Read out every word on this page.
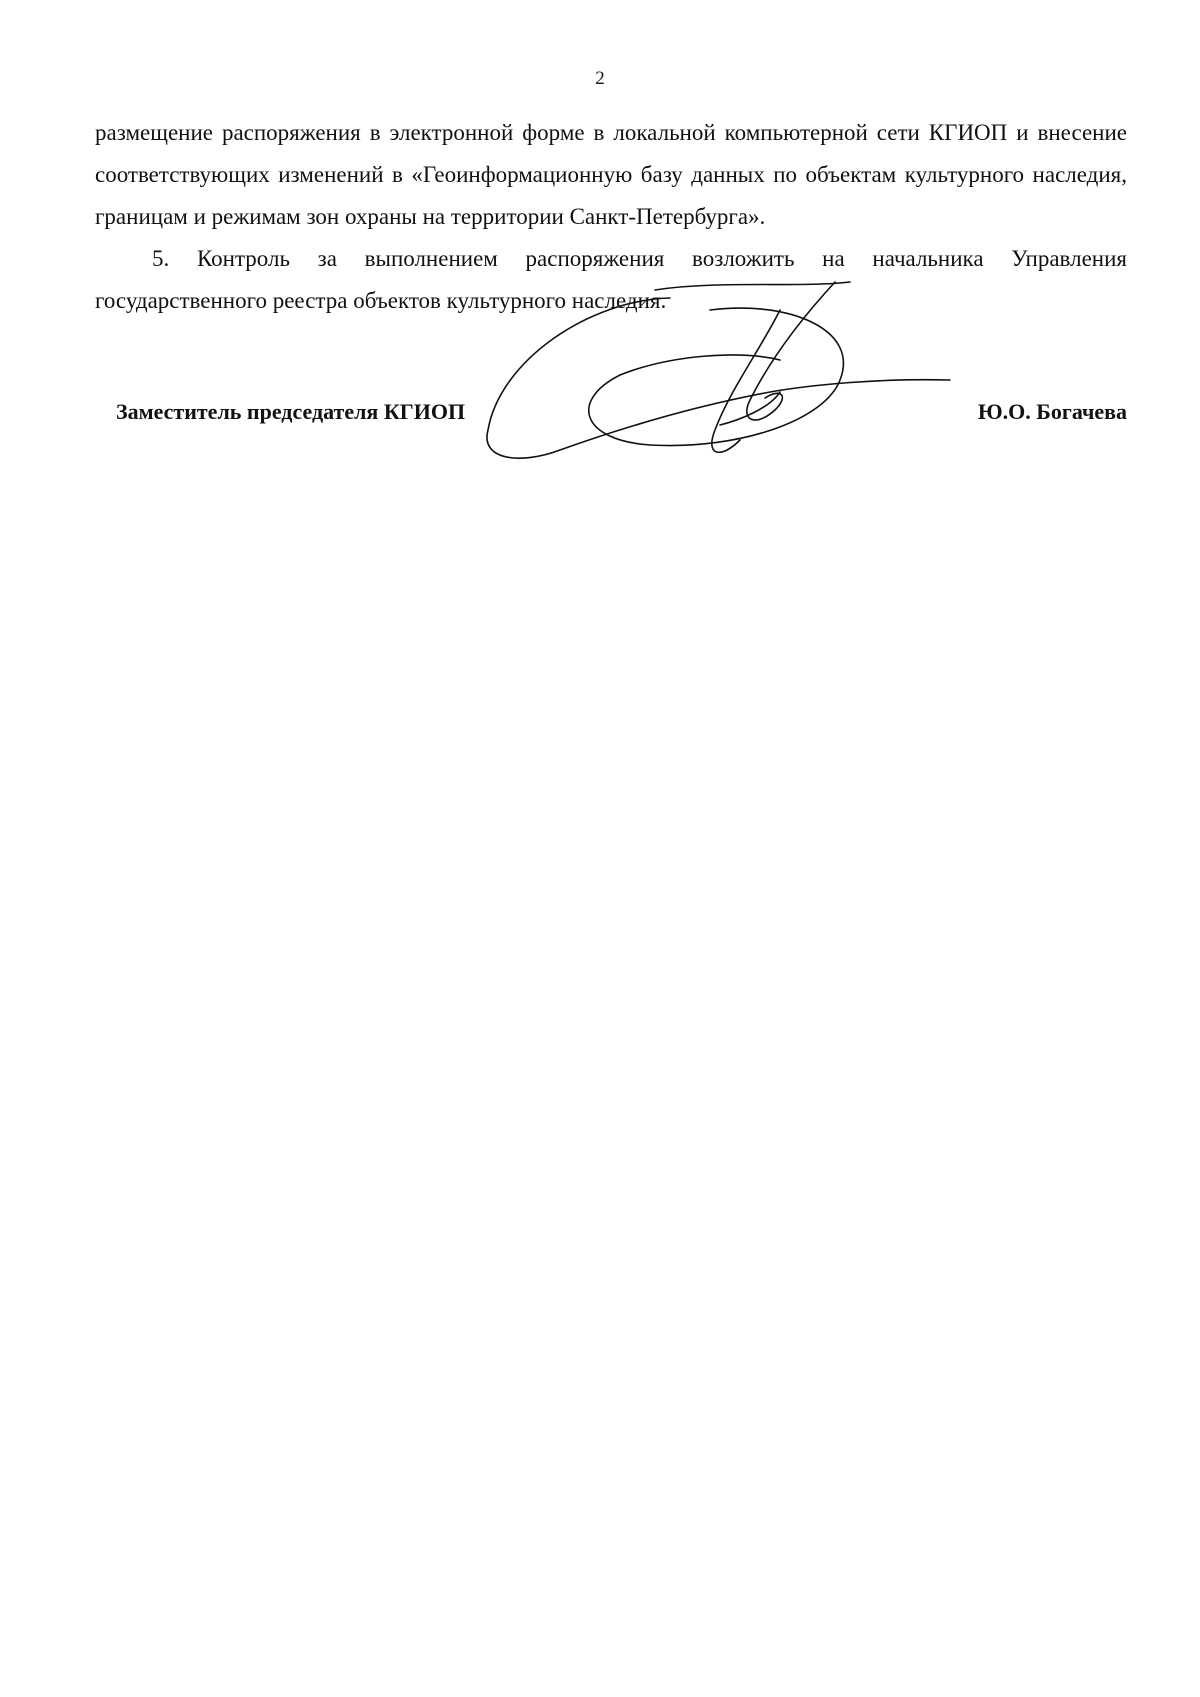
2
размещение распоряжения в электронной форме в локальной компьютерной сети КГИОП и внесение соответствующих изменений в «Геоинформационную базу данных по объектам культурного наследия, границам и режимам зон охраны на территории Санкт-Петербурга».
5. Контроль за выполнением распоряжения возложить на начальника Управления государственного реестра объектов культурного наследия.
Заместитель председателя КГИОП	Ю.О. Богачева
